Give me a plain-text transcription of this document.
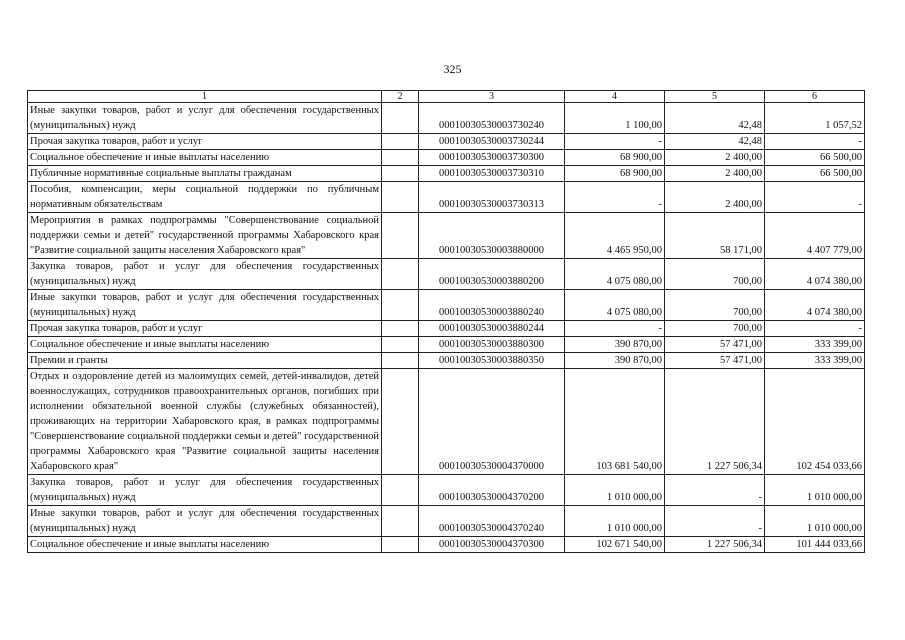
325
1	2	3	4	5	6
Иные закупки товаров, работ и услуг для обеспечения государственных (муниципальных) нужд		00010030530003730240	1 100,00	42,48	1 057,52
Прочая закупка товаров, работ и услуг		00010030530003730244	-	42,48	-
Социальное обеспечение и иные выплаты населению		00010030530003730300	68 900,00	2 400,00	66 500,00
Публичные нормативные социальные выплаты гражданам		00010030530003730310	68 900,00	2 400,00	66 500,00
Пособия, компенсации, меры социальной поддержки по публичным нормативным обязательствам		00010030530003730313	-	2 400,00	-
Мероприятия в рамках подпрограммы "Совершенствование социальной поддержки семьи и детей" государственной программы Хабаровского края "Развитие социальной защиты населения Хабаровского края"		00010030530003880000	4 465 950,00	58 171,00	4 407 779,00
Закупка товаров, работ и услуг для обеспечения государственных (муниципальных) нужд		00010030530003880200	4 075 080,00	700,00	4 074 380,00
Иные закупки товаров, работ и услуг для обеспечения государственных (муниципальных) нужд		00010030530003880240	4 075 080,00	700,00	4 074 380,00
Прочая закупка товаров, работ и услуг		00010030530003880244	-	700,00	-
Социальное обеспечение и иные выплаты населению		00010030530003880300	390 870,00	57 471,00	333 399,00
Премии и гранты		00010030530003880350	390 870,00	57 471,00	333 399,00
Отдых и оздоровление детей из малоимущих семей, детей-инвалидов, детей военнослужащих, сотрудников правоохранительных органов, погибших при исполнении обязательной военной службы (служебных обязанностей), проживающих на территории Хабаровского края, в рамках подпрограммы "Совершенствование социальной поддержки семьи и детей" государственной программы Хабаровского края "Развитие социальной защиты населения Хабаровского края"		00010030530004370000	103 681 540,00	1 227 506,34	102 454 033,66
Закупка товаров, работ и услуг для обеспечения государственных (муниципальных) нужд		00010030530004370200	1 010 000,00	-	1 010 000,00
Иные закупки товаров, работ и услуг для обеспечения государственных (муниципальных) нужд		00010030530004370240	1 010 000,00	-	1 010 000,00
Социальное обеспечение и иные выплаты населению		00010030530004370300	102 671 540,00	1 227 506,34	101 444 033,66
